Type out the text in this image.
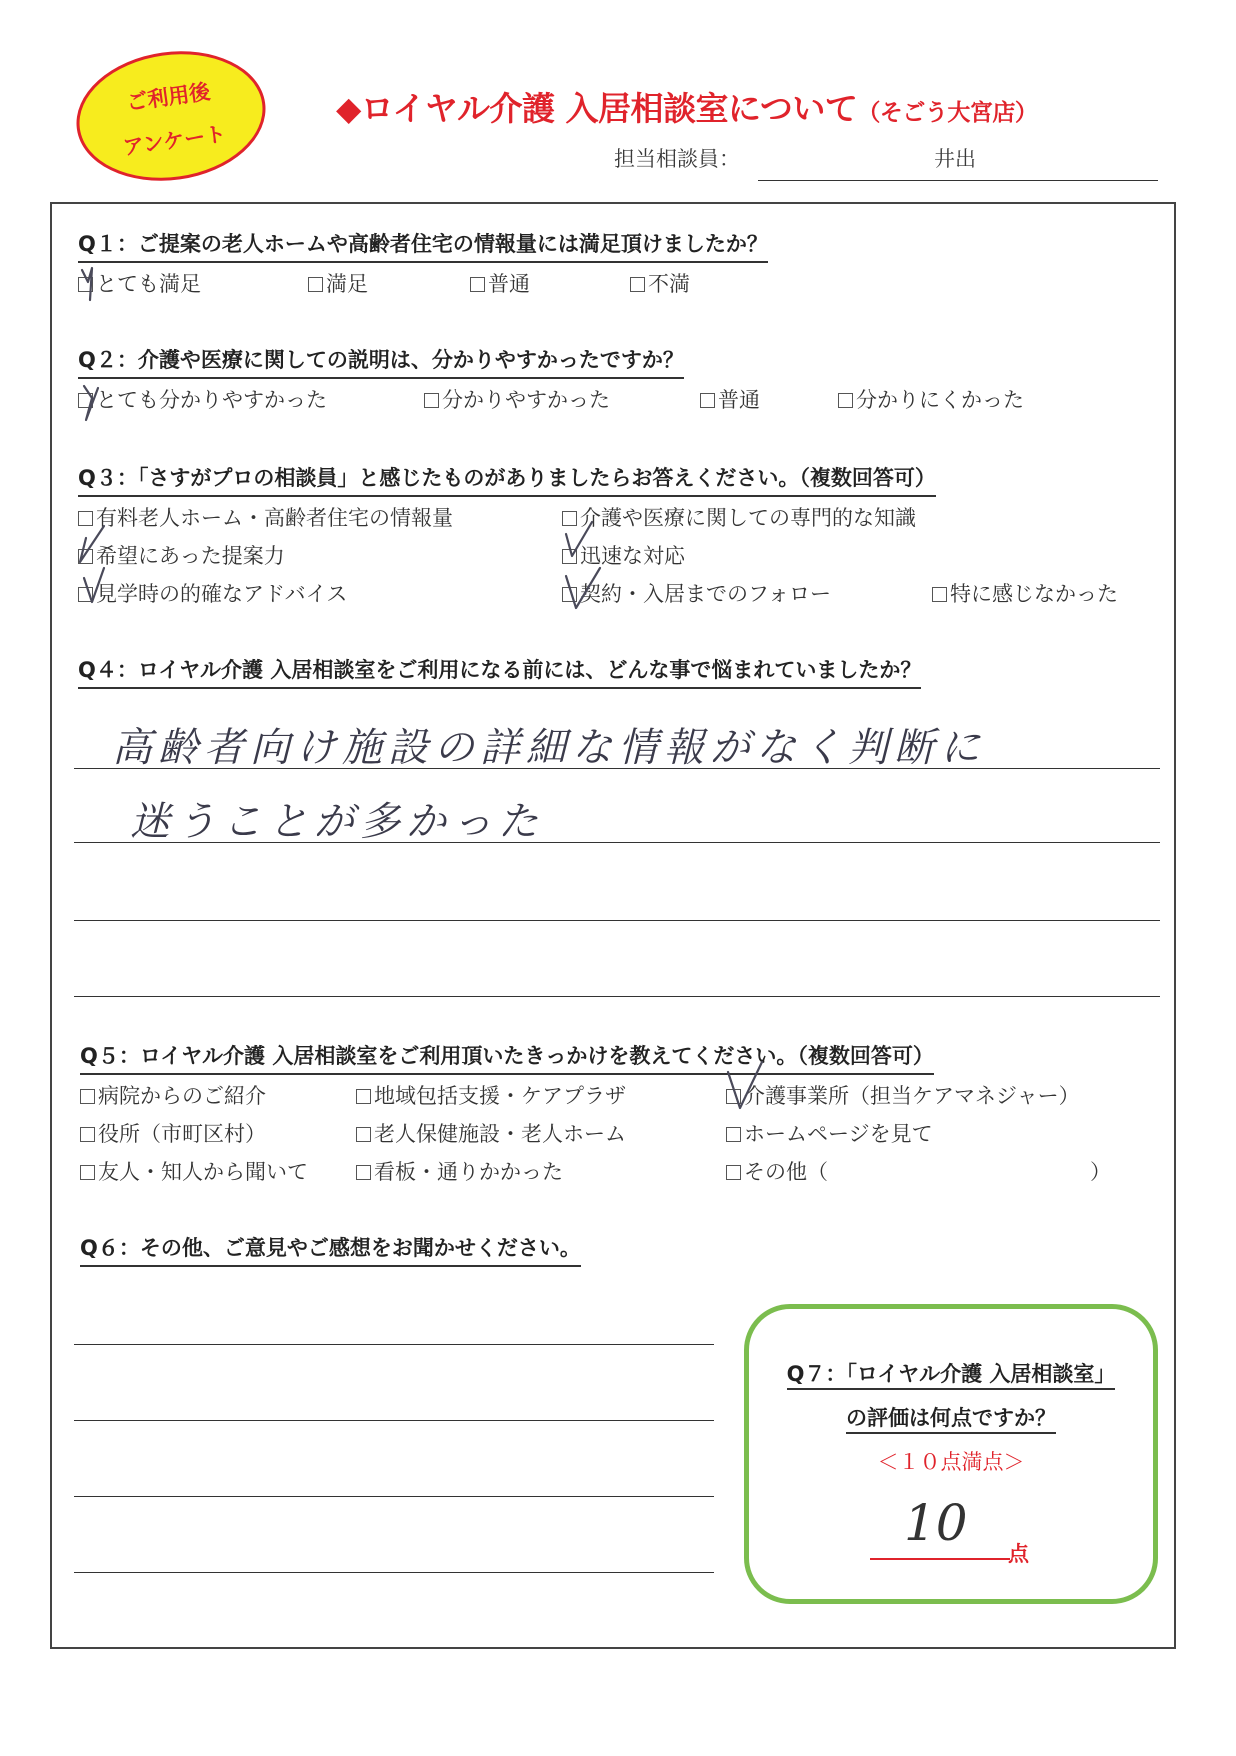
ご利用後
アンケート
◆ロイヤル介護 入居相談室について（そごう大宮店）
担当相談員：	井出
Q１：ご提案の老人ホームや高齢者住宅の情報量には満足頂けましたか？
とても満足	満足	普通	不満
Q２：介護や医療に関しての説明は、分かりやすかったですか？
とても分かりやすかった	分かりやすかった	普通	分かりにくかった
Q３：「さすがプロの相談員」と感じたものがありましたらお答えください。（複数回答可）
有料老人ホーム・高齢者住宅の情報量	介護や医療に関しての専門的な知識
希望にあった提案力	迅速な対応
見学時の的確なアドバイス	契約・入居までのフォロー	特に感じなかった
Q４：ロイヤル介護 入居相談室をご利用になる前には、どんな事で悩まれていましたか？
高齢者向け施設の詳細な情報がなく判断に
迷うことが多かった
Q５：ロイヤル介護 入居相談室をご利用頂いたきっかけを教えてください。（複数回答可）
病院からのご紹介	地域包括支援・ケアプラザ	介護事業所（担当ケアマネジャー）
役所（市町区村）	老人保健施設・老人ホーム	ホームページを見て
友人・知人から聞いて	看板・通りかかった	その他（	）
Q６：その他、ご意見やご感想をお聞かせください。
Q７：「ロイヤル介護 入居相談室」
の評価は何点ですか？
＜１０点満点＞
10
点
